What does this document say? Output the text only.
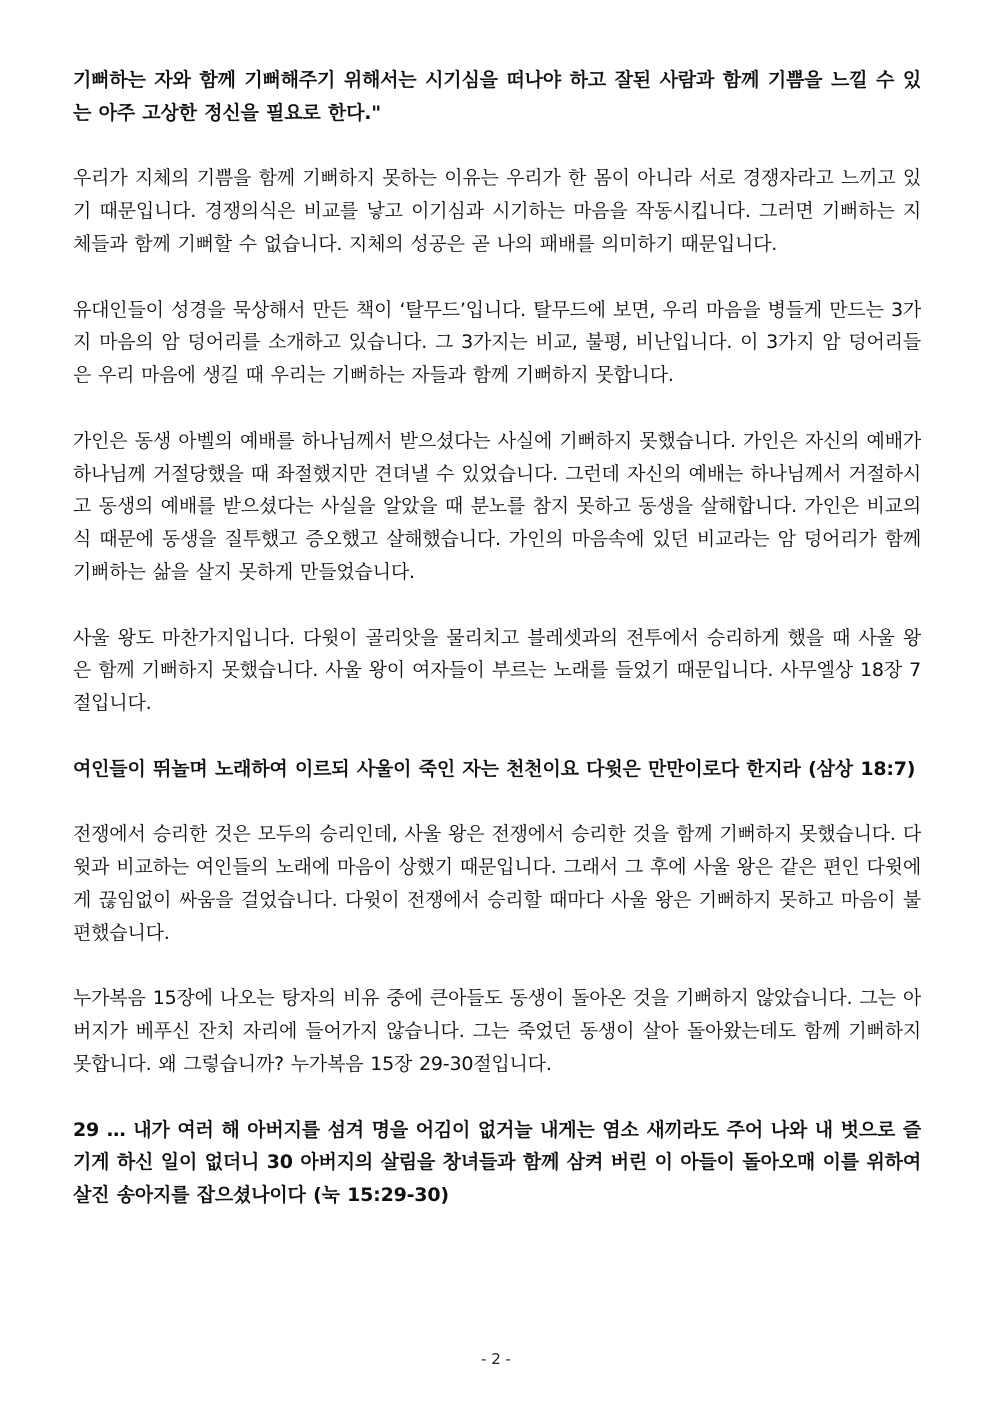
기뻐하는 자와 함께 기뻐해주기 위해서는 시기심을 떠나야 하고 잘된 사람과 함께 기쁨을 느낄 수 있는 아주 고상한 정신을 필요로 한다."

우리가 지체의 기쁨을 함께 기뻐하지 못하는 이유는 우리가 한 몸이 아니라 서로 경쟁자라고 느끼고 있기 때문입니다. 경쟁의식은 비교를 낳고 이기심과 시기하는 마음을 작동시킵니다. 그러면 기뻐하는 지체들과 함께 기뻐할 수 없습니다. 지체의 성공은 곧 나의 패배를 의미하기 때문입니다.

유대인들이 성경을 묵상해서 만든 책이 ‘탈무드’입니다. 탈무드에 보면, 우리 마음을 병들게 만드는 3가지 마음의 암 덩어리를 소개하고 있습니다. 그 3가지는 비교, 불평, 비난입니다. 이 3가지 암 덩어리들은 우리 마음에 생길 때 우리는 기뻐하는 자들과 함께 기뻐하지 못합니다.

가인은 동생 아벨의 예배를 하나님께서 받으셨다는 사실에 기뻐하지 못했습니다. 가인은 자신의 예배가 하나님께 거절당했을 때 좌절했지만 견뎌낼 수 있었습니다. 그런데 자신의 예배는 하나님께서 거절하시고 동생의 예배를 받으셨다는 사실을 알았을 때 분노를 참지 못하고 동생을 살해합니다. 가인은 비교의식 때문에 동생을 질투했고 증오했고 살해했습니다. 가인의 마음속에 있던 비교라는 암 덩어리가 함께 기뻐하는 삶을 살지 못하게 만들었습니다.

사울 왕도 마찬가지입니다. 다윗이 골리앗을 물리치고 블레셋과의 전투에서 승리하게 했을 때 사울 왕은 함께 기뻐하지 못했습니다. 사울 왕이 여자들이 부르는 노래를 들었기 때문입니다. 사무엘상 18장 7절입니다.

여인들이 뛰놀며 노래하여 이르되 사울이 죽인 자는 천천이요 다윗은 만만이로다 한지라 (삼상 18:7)

전쟁에서 승리한 것은 모두의 승리인데, 사울 왕은 전쟁에서 승리한 것을 함께 기뻐하지 못했습니다. 다윗과 비교하는 여인들의 노래에 마음이 상했기 때문입니다. 그래서 그 후에 사울 왕은 같은 편인 다윗에게 끊임없이 싸움을 걸었습니다. 다윗이 전쟁에서 승리할 때마다 사울 왕은 기뻐하지 못하고 마음이 불편했습니다.

누가복음 15장에 나오는 탕자의 비유 중에 큰아들도 동생이 돌아온 것을 기뻐하지 않았습니다. 그는 아버지가 베푸신 잔치 자리에 들어가지 않습니다. 그는 죽었던 동생이 살아 돌아왔는데도 함께 기뻐하지 못합니다. 왜 그렇습니까? 누가복음 15장 29-30절입니다.

29 … 내가 여러 해 아버지를 섬겨 명을 어김이 없거늘 내게는 염소 새끼라도 주어 나와 내 벗으로 즐기게 하신 일이 없더니 30 아버지의 살림을 창녀들과 함께 삼켜 버린 이 아들이 돌아오매 이를 위하여 살진 송아지를 잡으셨나이다 (눅 15:29-30)

- 2 -
